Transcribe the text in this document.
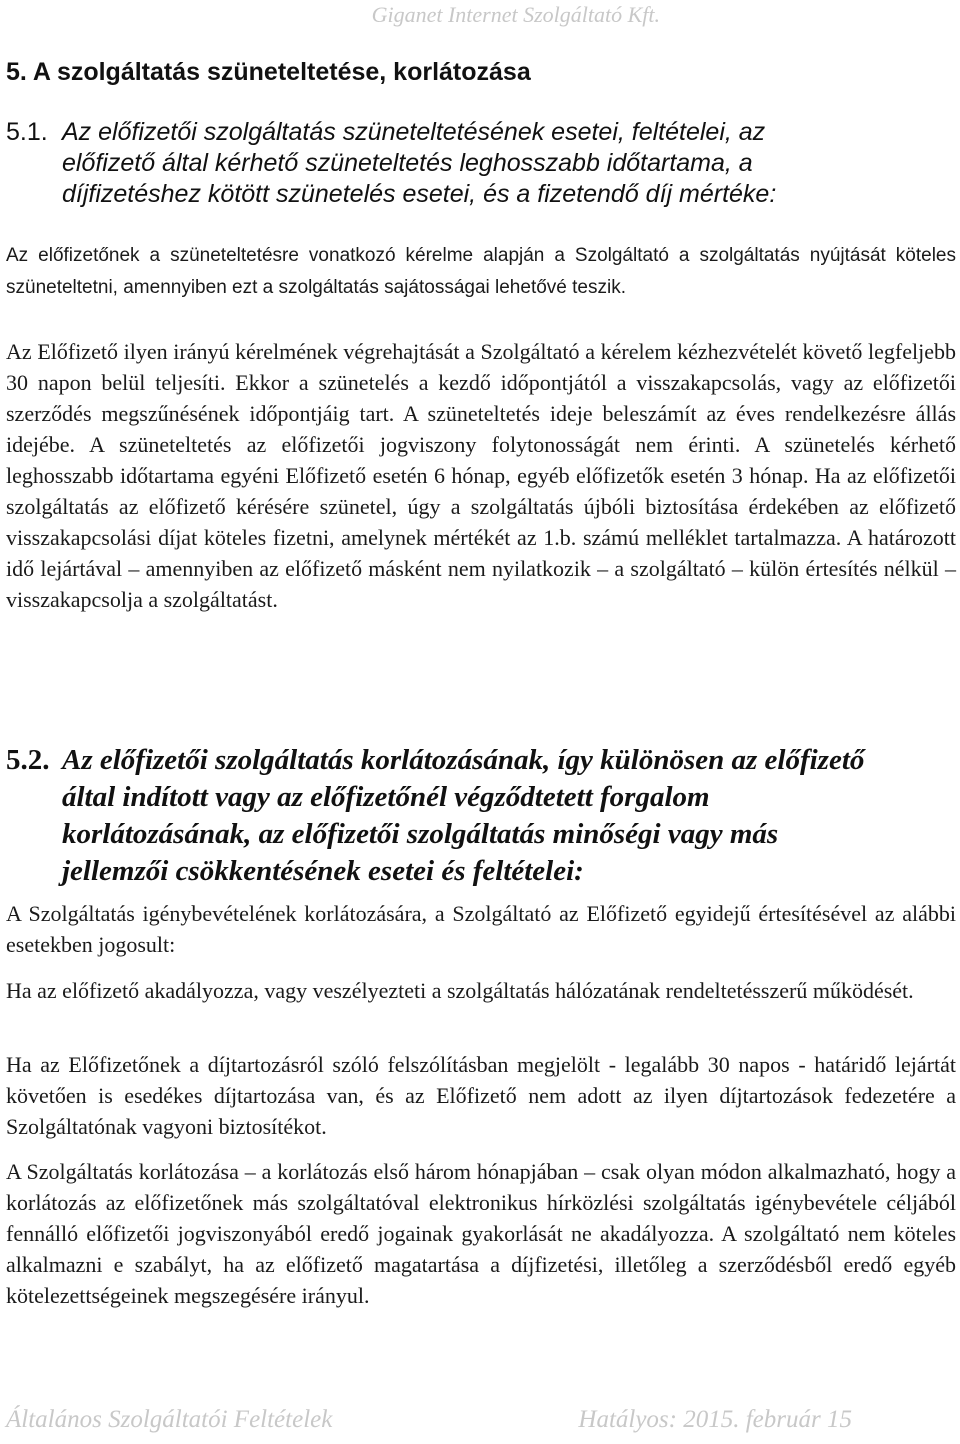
Giganet Internet Szolgáltató Kft.
5. A szolgáltatás szüneteltetése, korlátozása
5.1. Az előfizetői szolgáltatás szüneteltetésének esetei, feltételei, az
előfizető által kérhető szüneteltetés leghosszabb időtartama, a
díjfizetéshez kötött szünetelés esetei, és a fizetendő díj mértéke:

Az előfizetőnek a szüneteltetésre vonatkozó kérelme alapján a Szolgáltató a szolgáltatás nyújtását köteles szüneteltetni, amennyiben ezt a szolgáltatás sajátosságai lehetővé teszik.

Az Előfizető ilyen irányú kérelmének végrehajtását a Szolgáltató a kérelem kézhezvételét követő legfeljebb 30 napon belül teljesíti. Ekkor a szünetelés a kezdő időpontjától a visszakapcsolás, vagy az előfizetői szerződés megszűnésének időpontjáig tart. A szüneteltetés ideje beleszámít az éves rendelkezésre állás idejébe. A szüneteltetés az előfizetői jogviszony folytonosságát nem érinti. A szünetelés kérhető leghosszabb időtartama egyéni Előfizető esetén 6 hónap, egyéb előfizetők esetén 3 hónap. Ha az előfizetői szolgáltatás az előfizető kérésére szünetel, úgy a szolgáltatás újbóli biztosítása érdekében az előfizető visszakapcsolási díjat köteles fizetni, amelynek mértékét az 1.b. számú melléklet tartalmazza. A határozott idő lejártával – amennyiben az előfizető másként nem nyilatkozik – a szolgáltató – külön értesítés nélkül – visszakapcsolja a szolgáltatást.

5.2. Az előfizetői szolgáltatás korlátozásának, így különösen az előfizető
által indított vagy az előfizetőnél végződtetett forgalom
korlátozásának, az előfizetői szolgáltatás minőségi vagy más
jellemzői csökkentésének esetei és feltételei:

A Szolgáltatás igénybevételének korlátozására, a Szolgáltató az Előfizető egyidejű értesítésével az alábbi esetekben jogosult:

Ha az előfizető akadályozza, vagy veszélyezteti a szolgáltatás hálózatának rendeltetésszerű működését.

Ha az Előfizetőnek a díjtartozásról szóló felszólításban megjelölt - legalább 30 napos - határidő lejártát követően is esedékes díjtartozása van, és az Előfizető nem adott az ilyen díjtartozások fedezetére a Szolgáltatónak vagyoni biztosítékot.

A Szolgáltatás korlátozása – a korlátozás első három hónapjában – csak olyan módon alkalmazható, hogy a korlátozás az előfizetőnek más szolgáltatóval elektronikus hírközlési szolgáltatás igénybevétele céljából fennálló előfizetői jogviszonyából eredő jogainak gyakorlását ne akadályozza. A szolgáltató nem köteles alkalmazni e szabályt, ha az előfizető magatartása a díjfizetési, illetőleg a szerződésből eredő egyéb kötelezettségeinek megszegésére irányul.

Általános Szolgáltatói Feltételek	Hatályos: 2015. február 15
